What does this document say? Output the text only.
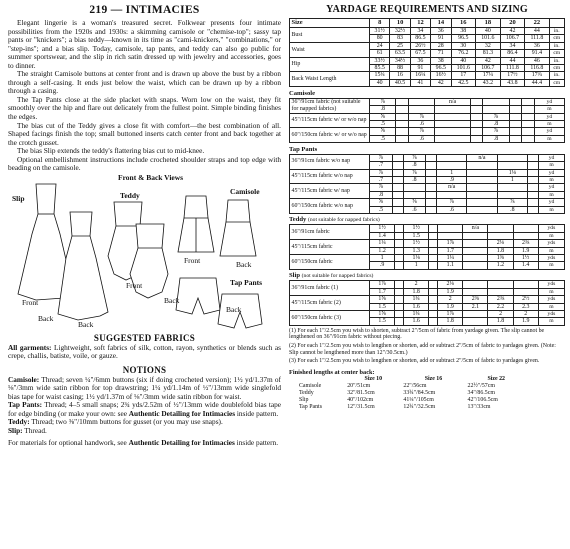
219 — INTIMACIES

Elegant lingerie is a woman's treasured secret. Folkwear presents four intimate possibilities from the 1920s and 1930s: a skimming camisole or "chemise-top"; sassy tap pants or "knickers"; a bias teddy—known in its time as "cami-knickers," "combinations," or "step-ins"; and a bias slip. Today, camisole, tap pants, and teddy can also go public for summer sportswear, and the slip in rich satin dressed up with jewelry and accessories, goes to dinner.

The straight Camisole buttons at center front and is drawn up above the bust by a ribbon through a self-casing. It ends just below the waist, which can be drawn up by a ribbon through a casing.

The Tap Pants close at the side placket with snaps. Worn low on the waist, they fit smoothly over the hip and flare out delicately from the fullest point. Simple binding finishes the edges.

The bias cut of the Teddy gives a close fit with comfort—the best combination of all. Shaped facings finish the top; small buttoned inserts catch center front and back together at the crotch gusset.

The bias Slip extends the teddy's flattering bias cut to mid-knee.

Optional embellishment instructions include crocheted shoulder straps and top edge with beading on the camisole.

Front & Back Views
Slip	Teddy	Camisole
Front
Front
Back
Back
Front	Back
Tap Pants
Back
Back
SUGGESTED FABRICS

All garments: Lightweight, soft fabrics of silk, cotton, rayon, synthetics or blends such as crepe, challis, batiste, voile, or gauze.

NOTIONS

Camisole: Thread; seven ¼"/6mm buttons (six if doing crocheted version); 1½ yd/1.37m of ⅛"/3mm wide satin ribbon for top drawstring; 1¼ yd/1.14m of ½"/13mm wide singlefold bias tape for waist casing; 1½ yd/1.37m of ⅛"/3mm wide satin ribbon for waist.

Tap Pants: Thread; 4–5 small snaps; 2¾ yds/2.52m of ½"/13mm wide doublefold bias tape for edge binding (or make your own: see Authentic Detailing for Intimacies inside pattern.

Teddy: Thread; two ⅜"/10mm buttons for gusset (or you may use snaps).

Slip: Thread.

For materials for optional handwork, see Authentic Detailing for Intimacies inside pattern.

YARDAGE REQUIREMENTS AND SIZING
Size	8	10	12	14	16	18	20	22	
Bust	31½	32½	34	36	38	40	42	44	in.
	80	83	86.5	91	96.5	101.6	106.7	111.8	cm
Waist	24	25	26½	28	30	32	34	36	in.
	61	63.5	67.5	71	76.2	81.3	86.4	91.4	cm
Hip	33½	34½	36	38	40	42	44	46	in.
	85.5	88	91	96.5	101.6	106.7	111.8	116.8	cm
Back Waist Length	15¾	16	16¼	16½	17	17¼	17½	17¾	in.
	40	40.5	41	42	42.5	43.2	43.8	44.4	cm
Camisole
36"/91cm fabric (not suitable for napped fabrics)	⅞			n/a					yd
	.8								m
45"/115cm fabric w/ or w/o nap	⅝		⅞			⅞			yd
	.5		.6			.8			m
60"/150cm fabric w/ or w/o nap	⅝		⅞			⅞			yd
	.5		.6			.8			m
Tap Pants
36"/91cm fabric w/o nap	⅞		⅞			n/a			yd
	.7		.8						m
45"/115cm fabric w/o nap	⅞		⅞		1		1⅛		yd
	.7		.8		.9		1		m
45"/115cm fabric w/ nap	⅞				n/a				yd
	.8								m
60"/150cm fabric w/o nap	⅝		⅝		⅞		⅞		yd
	.5		.6		.6		.8		m
Teddy (not suitable for napped fabrics)
36"/91cm fabric	1½		1½			n/a			yds
	1.4		1.5						m
45"/115cm fabric	1¼		1½		1⅞		2⅛	2⅜	yds
	1.2		1.3		1.7		1.8	1.9	m
60"/150cm fabric	1		1⅛		1¼		1⅜	1½	yds
	.9		1		1.1		1.2	1.4	m
Slip (not suitable for napped fabrics)
36"/91cm fabric (1)	1⅞		2		2⅛				yds
	1.7		1.8		1.9				m
45"/115cm fabric (2)	1⅝		1¾		2	2⅜	2⅜	2½	yds
	1.5		1.6		1.9	2.1	2.2	2.3	m
60"/150cm fabric (3)	1⅝		1¾		1⅞		2	2	yds
	1.5		1.6		1.8		1.8	1.9	m

(1) For each 1"/2.5cm you wish to shorten, subtract 2"/5cm of fabric from yardage given. The slip cannot be lengthened on 36"/91cm fabric without piecing.

(2) For each 1"/2.5cm you wish to lengthen or shorten, add or subtract 2"/5cm of fabric to yardages given. (Note: Slip cannot be lengthened more than 12"/30.5cm.)

(3) For each 1"/2.5cm you wish to lengthen or shorten, add or subtract 2"/5cm of fabric to yardages given.

Finished lengths at center back:
	Size 10	Size 16	Size 22
Camisole	20"/51cm	22"/56cm	22½"/57cm
Teddy	32"/81.5cm	33¾"/84.5cm	34"/86.5cm
Slip	40"/102cm	41¼"/105cm	42"/106.5cm
Tap Pants	12"/31.5cm	12¾"/32.5cm	13"/33cm
